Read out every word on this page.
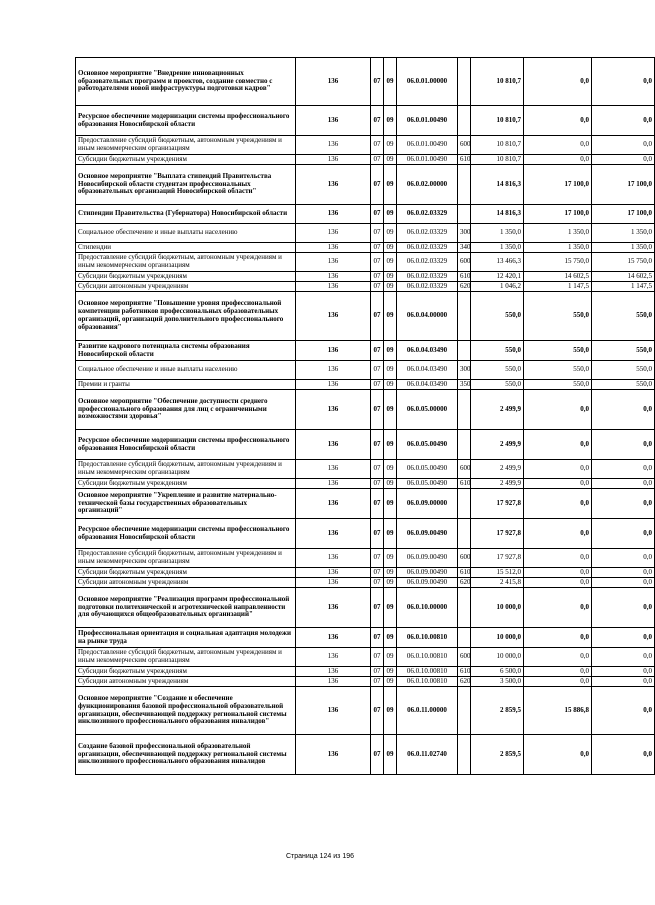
Основное мероприятие "Внедрение инновационных образовательных программ и проектов, создание совместно с работодателями новой инфраструктуры подготовки кадров"	136	07	09	06.0.01.00000		10 810,7	0,0	0,0
Ресурсное обеспечение модернизации системы профессионального образования Новосибирской области	136	07	09	06.0.01.00490		10 810,7	0,0	0,0
Предоставление субсидий бюджетным, автономным учреждениям и иным некоммерческим организациям	136	07	09	06.0.01.00490	600	10 810,7	0,0	0,0
Субсидии бюджетным учреждениям	136	07	09	06.0.01.00490	610	10 810,7	0,0	0,0
Основное мероприятие "Выплата стипендий Правительства Новосибирской области студентам профессиональных образовательных организаций Новосибирской области"	136	07	09	06.0.02.00000		14 816,3	17 100,0	17 100,0
Стипендии Правительства (Губернатора) Новосибирской области	136	07	09	06.0.02.03329		14 816,3	17 100,0	17 100,0
Социальное обеспечение и иные выплаты населению	136	07	09	06.0.02.03329	300	1 350,0	1 350,0	1 350,0
Стипендии	136	07	09	06.0.02.03329	340	1 350,0	1 350,0	1 350,0
Предоставление субсидий бюджетным, автономным учреждениям и иным некоммерческим организациям	136	07	09	06.0.02.03329	600	13 466,3	15 750,0	15 750,0
Субсидии бюджетным учреждениям	136	07	09	06.0.02.03329	610	12 420,1	14 602,5	14 602,5
Субсидии автономным учреждениям	136	07	09	06.0.02.03329	620	1 046,2	1 147,5	1 147,5
Основное мероприятие "Повышение уровня профессиональной компетенции работников профессиональных образовательных организаций, организаций дополнительного профессионального образования"	136	07	09	06.0.04.00000		550,0	550,0	550,0
Развитие кадрового потенциала системы образования Новосибирской области	136	07	09	06.0.04.03490		550,0	550,0	550,0
Социальное обеспечение и иные выплаты населению	136	07	09	06.0.04.03490	300	550,0	550,0	550,0
Премии и гранты	136	07	09	06.0.04.03490	350	550,0	550,0	550,0
Основное мероприятие "Обеспечение доступности среднего профессионального образования для лиц с ограниченными возможностями здоровья"	136	07	09	06.0.05.00000		2 499,9	0,0	0,0
Ресурсное обеспечение модернизации системы профессионального образования Новосибирской области	136	07	09	06.0.05.00490		2 499,9	0,0	0,0
Предоставление субсидий бюджетным, автономным учреждениям и иным некоммерческим организациям	136	07	09	06.0.05.00490	600	2 499,9	0,0	0,0
Субсидии бюджетным учреждениям	136	07	09	06.0.05.00490	610	2 499,9	0,0	0,0
Основное мероприятие "Укрепление и развитие материально-технической базы государственных образовательных организаций"	136	07	09	06.0.09.00000		17 927,8	0,0	0,0
Ресурсное обеспечение модернизации системы профессионального образования Новосибирской области	136	07	09	06.0.09.00490		17 927,8	0,0	0,0
Предоставление субсидий бюджетным, автономным учреждениям и иным некоммерческим организациям	136	07	09	06.0.09.00490	600	17 927,8	0,0	0,0
Субсидии бюджетным учреждениям	136	07	09	06.0.09.00490	610	15 512,0	0,0	0,0
Субсидии автономным учреждениям	136	07	09	06.0.09.00490	620	2 415,8	0,0	0,0
Основное мероприятие "Реализация программ профессиональной подготовки политехнической и агротехнической направленности для обучающихся общеобразовательных организаций"	136	07	09	06.0.10.00000		10 000,0	0,0	0,0
Профессиональная ориентация и социальная адаптация молодежи на рынке труда	136	07	09	06.0.10.00810		10 000,0	0,0	0,0
Предоставление субсидий бюджетным, автономным учреждениям и иным некоммерческим организациям	136	07	09	06.0.10.00810	600	10 000,0	0,0	0,0
Субсидии бюджетным учреждениям	136	07	09	06.0.10.00810	610	6 500,0	0,0	0,0
Субсидии автономным учреждениям	136	07	09	06.0.10.00810	620	3 500,0	0,0	0,0
Основное мероприятие "Создание и обеспечение функционирования базовой профессиональной образовательной организации, обеспечивающей поддержку региональной системы инклюзивного профессионального образования инвалидов"	136	07	09	06.0.11.00000		2 859,5	15 886,8	0,0
Создание базовой профессиональной образовательной организации, обеспечивающей поддержку региональной системы инклюзивного профессионального образования инвалидов	136	07	09	06.0.11.02740		2 859,5	0,0	0,0
Страница 124 из 196
